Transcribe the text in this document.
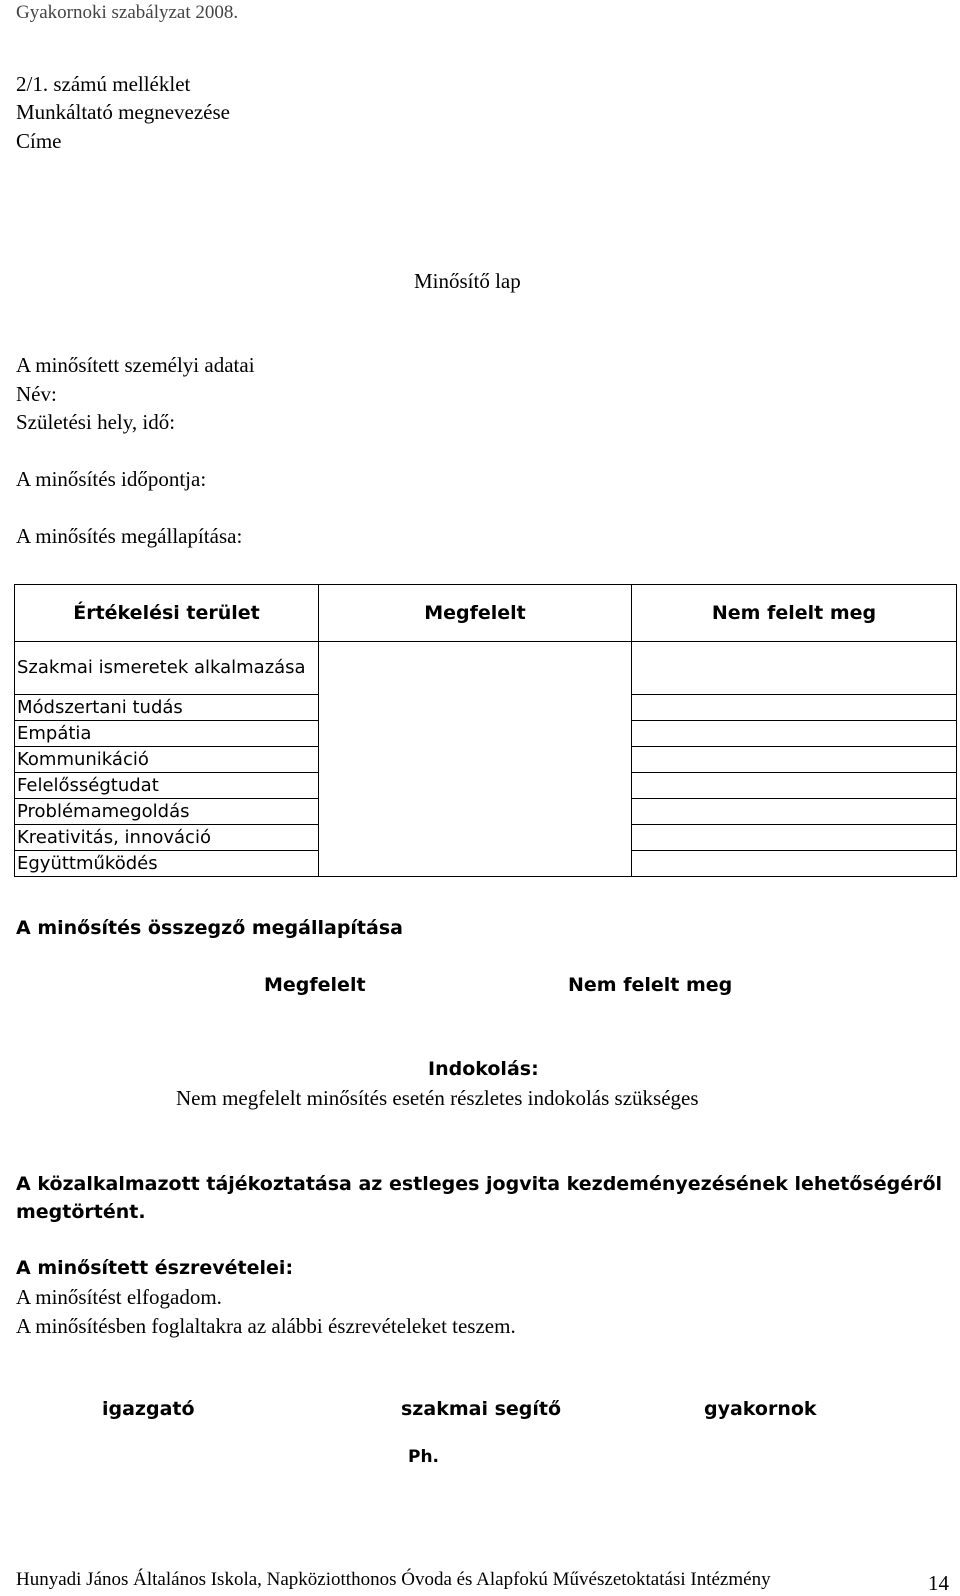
Gyakornoki szabályzat 2008.
2/1. számú melléklet
Munkáltató megnevezése
Címe
Minősítő lap
A minősített személyi adatai
Név:
Születési hely, idő:
A minősítés időpontja:
A minősítés megállapítása:
Értékelési terület	Megfelelt	Nem felelt meg
Szakmai ismeretek alkalmazása		
Módszertani tudás		
Empátia		
Kommunikáció		
Felelősségtudat		
Problémamegoldás		
Kreativitás, innováció		
Együttműködés		
A minősítés összegző megállapítása
Megfelelt	Nem felelt meg
Indokolás:
Nem megfelelt minősítés esetén részletes indokolás szükséges
A közalkalmazott tájékoztatása az estleges jogvita kezdeményezésének lehetőségéről
megtörtént.
A minősített észrevételei:
A minősítést elfogadom.
A minősítésben foglaltakra az alábbi észrevételeket teszem.
igazgató	szakmai segítő	gyakornok
Ph.
Hunyadi János Általános Iskola, Napköziotthonos Óvoda és Alapfokú Művészetoktatási Intézmény	14
